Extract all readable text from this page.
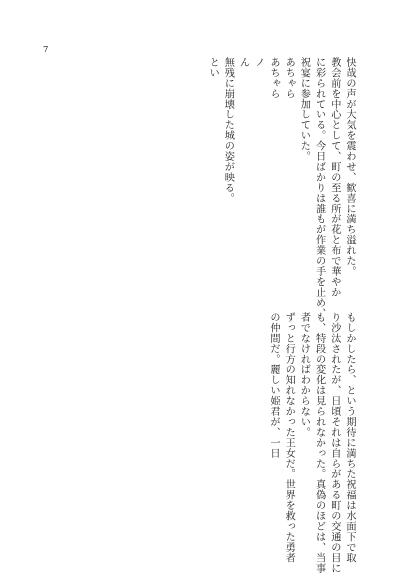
7
快哉の声が大気を震わせ、歓喜に満ち溢れた。
教会前を中心として、町の至る所が花と布で華やか
に彩られている。今日ばかりは誰もが作業の手を止め、
祝宴に参加していた。
あちゃら
あちゃら
ノ
ん
無残に崩壊した城の姿が映る。
とい
もしかしたら、という期待に満ちた祝福は水面下で取
り沙汰されたが、日頃それは自らがある町の交通の目に
も、特段の変化は見られなかった。真偽のほどは、当事
者でなければわからない。
ずっと行方の知れなかった王女だ。世界を救った勇者
の仲間だ。麗しい姫君が、一日
